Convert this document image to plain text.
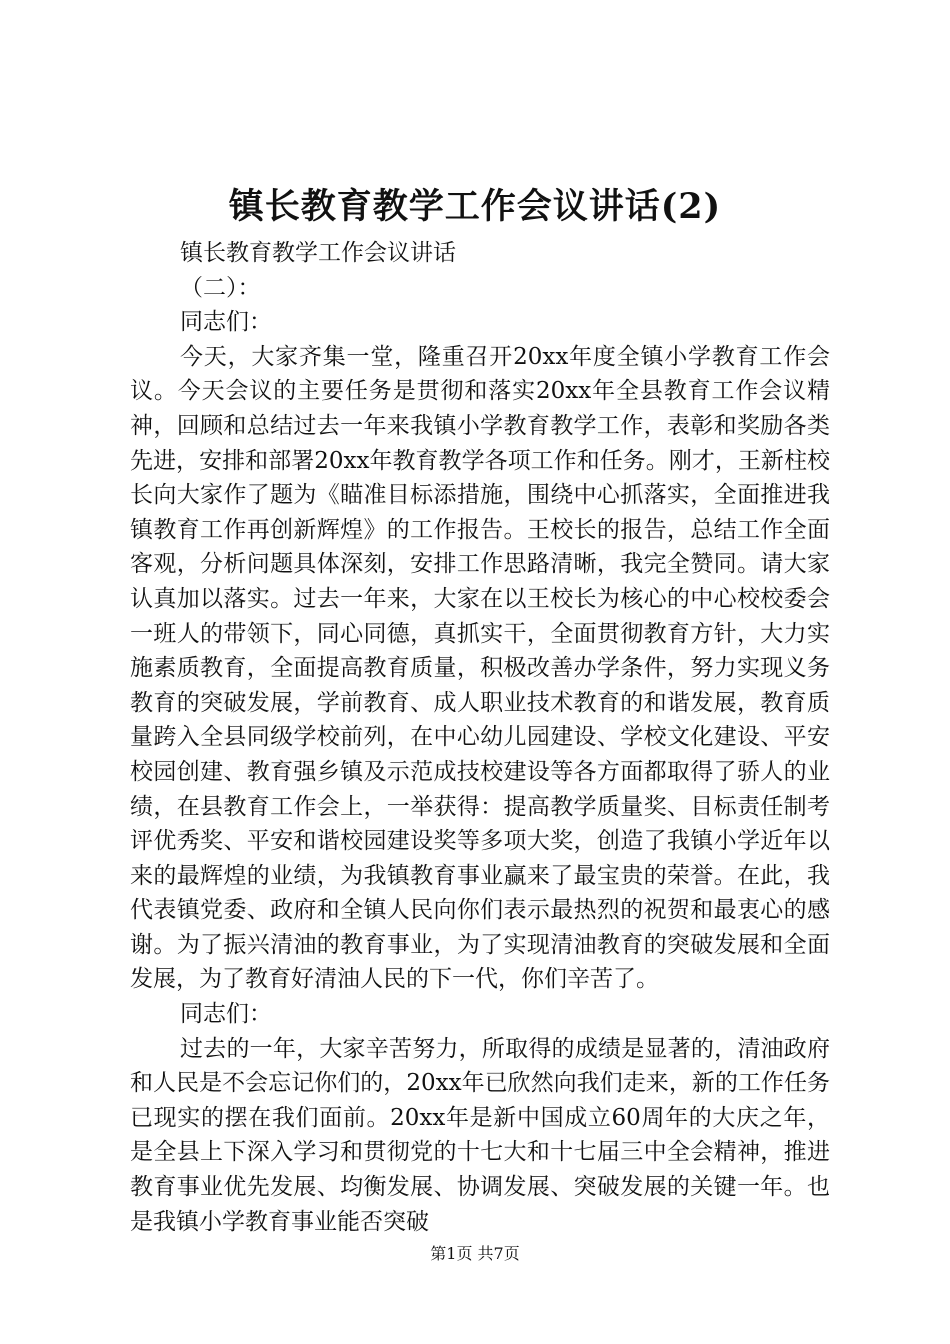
镇长教育教学工作会议讲话(2)

镇长教育教学工作会议讲话

（二）：

同志们：

今天，大家齐集一堂，隆重召开20xx年度全镇小学教育工作会议。今天会议的主要任务是贯彻和落实20xx年全县教育工作会议精神，回顾和总结过去一年来我镇小学教育教学工作，表彰和奖励各类先进，安排和部署20xx年教育教学各项工作和任务。刚才，王新柱校长向大家作了题为《瞄准目标添措施，围绕中心抓落实，全面推进我镇教育工作再创新辉煌》的工作报告。王校长的报告，总结工作全面客观，分析问题具体深刻，安排工作思路清晰，我完全赞同。请大家认真加以落实。过去一年来，大家在以王校长为核心的中心校校委会一班人的带领下，同心同德，真抓实干，全面贯彻教育方针，大力实施素质教育，全面提高教育质量，积极改善办学条件，努力实现义务教育的突破发展，学前教育、成人职业技术教育的和谐发展，教育质量跨入全县同级学校前列，在中心幼儿园建设、学校文化建设、平安校园创建、教育强乡镇及示范成技校建设等各方面都取得了骄人的业绩，在县教育工作会上，一举获得：提高教学质量奖、目标责任制考评优秀奖、平安和谐校园建设奖等多项大奖，创造了我镇小学近年以来的最辉煌的业绩，为我镇教育事业赢来了最宝贵的荣誉。在此，我代表镇党委、政府和全镇人民向你们表示最热烈的祝贺和最衷心的感谢。为了振兴清油的教育事业，为了实现清油教育的突破发展和全面发展，为了教育好清油人民的下一代，你们辛苦了。

同志们：

过去的一年，大家辛苦努力，所取得的成绩是显著的，清油政府和人民是不会忘记你们的，20xx年已欣然向我们走来，新的工作任务已现实的摆在我们面前。20xx年是新中国成立60周年的大庆之年，是全县上下深入学习和贯彻党的十七大和十七届三中全会精神，推进教育事业优先发展、均衡发展、协调发展、突破发展的关键一年。也是我镇小学教育事业能否突破

第1页 共7页
